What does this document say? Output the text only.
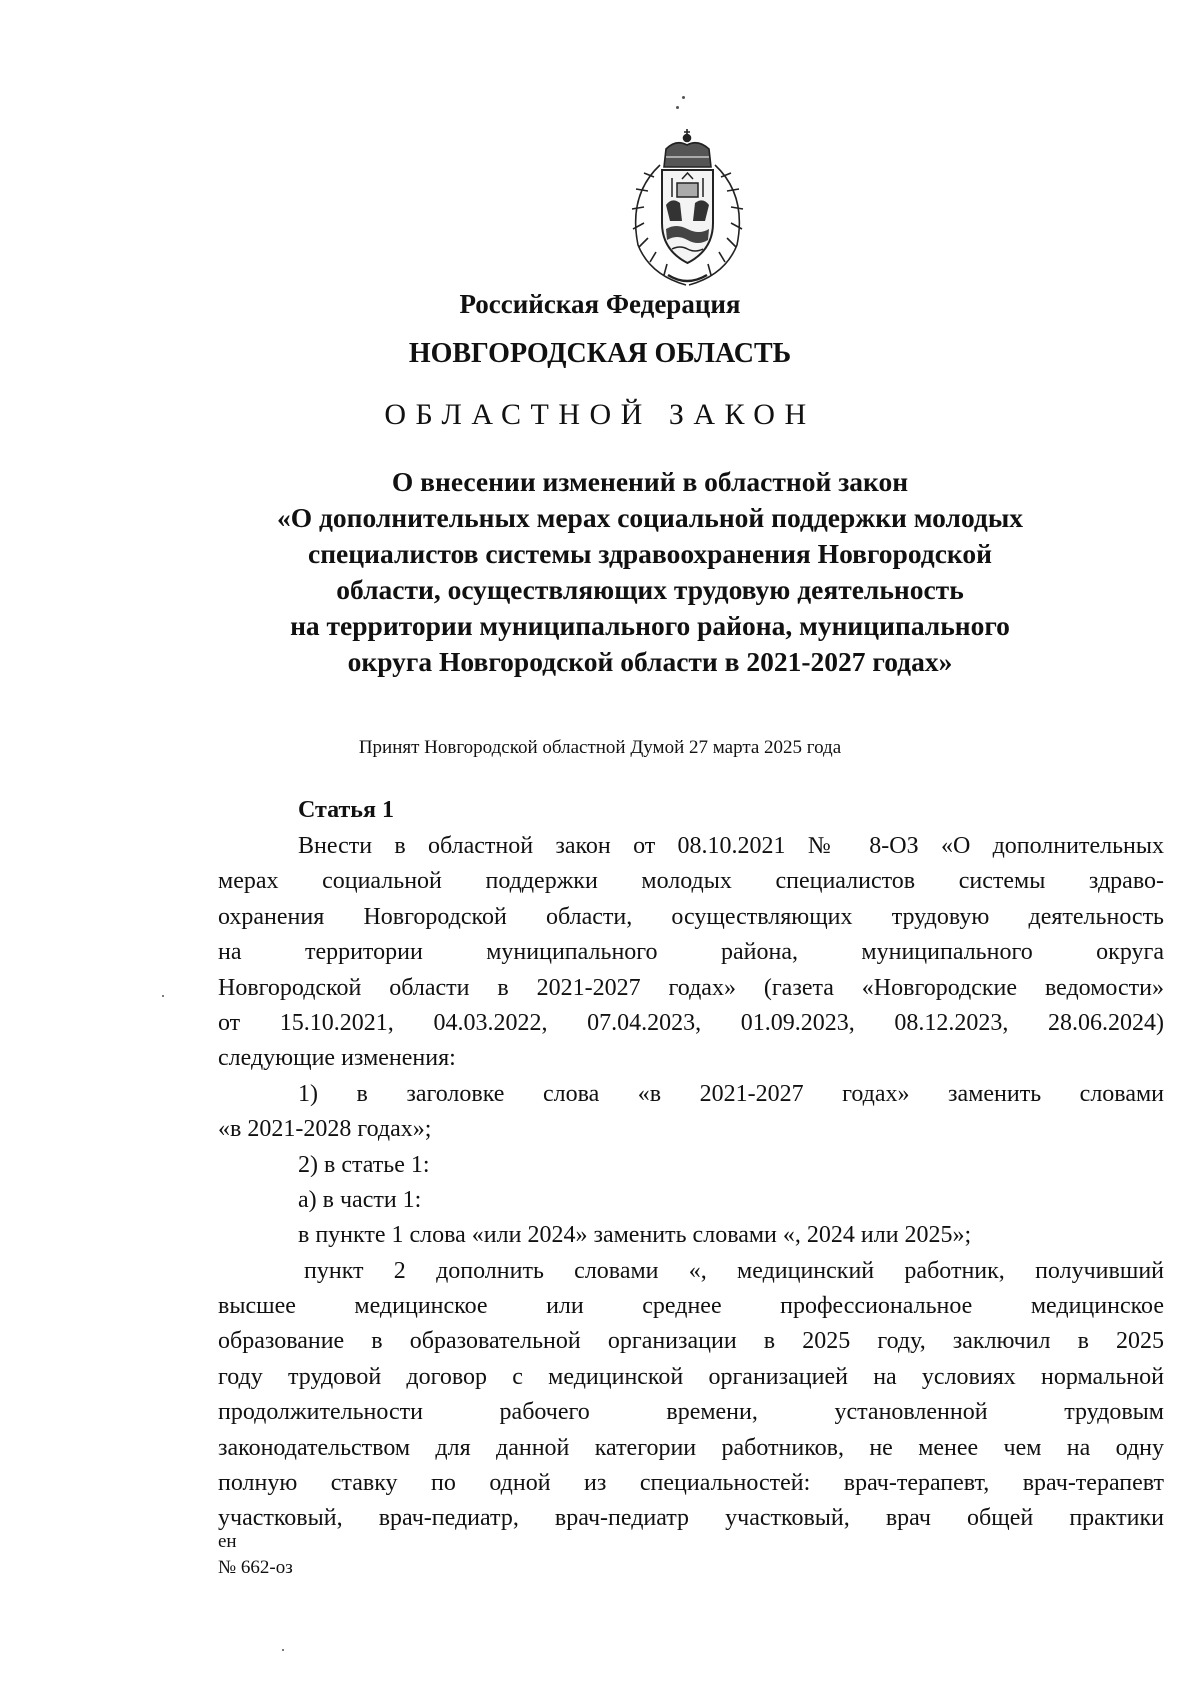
Российская Федерация
НОВГОРОДСКАЯ ОБЛАСТЬ
ОБЛАСТНОЙ ЗАКОН
О внесении изменений в областной закон
«О дополнительных мерах социальной поддержки молодых
специалистов системы здравоохранения Новгородской
области, осуществляющих трудовую деятельность
на территории муниципального района, муниципального
округа Новгородской области в 2021-2027 годах»
Принят Новгородской областной Думой 27 марта 2025 года
Статья 1
Внести в областной закон от 08.10.2021 № 8-ОЗ «О дополнительных
мерах социальной поддержки молодых специалистов системы здраво-
охранения Новгородской области, осуществляющих трудовую деятельность
на территории муниципального района, муниципального округа
Новгородской области в 2021-2027 годах» (газета «Новгородские ведомости»
от 15.10.2021, 04.03.2022, 07.04.2023, 01.09.2023, 08.12.2023, 28.06.2024)
следующие изменения:
1) в заголовке слова «в 2021-2027 годах» заменить словами
«в 2021-2028 годах»;
2) в статье 1:
а) в части 1:
в пункте 1 слова «или 2024» заменить словами «, 2024 или 2025»;
пункт 2 дополнить словами «, медицинский работник, получивший
высшее медицинское или среднее профессиональное медицинское
образование в образовательной организации в 2025 году, заключил в 2025
году трудовой договор с медицинской организацией на условиях нормальной
продолжительности рабочего времени, установленной трудовым
законодательством для данной категории работников, не менее чем на одну
полную ставку по одной из специальностей: врач-терапевт, врач-терапевт
участковый, врач-педиатр, врач-педиатр участковый, врач общей практики
ен
№ 662-оз
